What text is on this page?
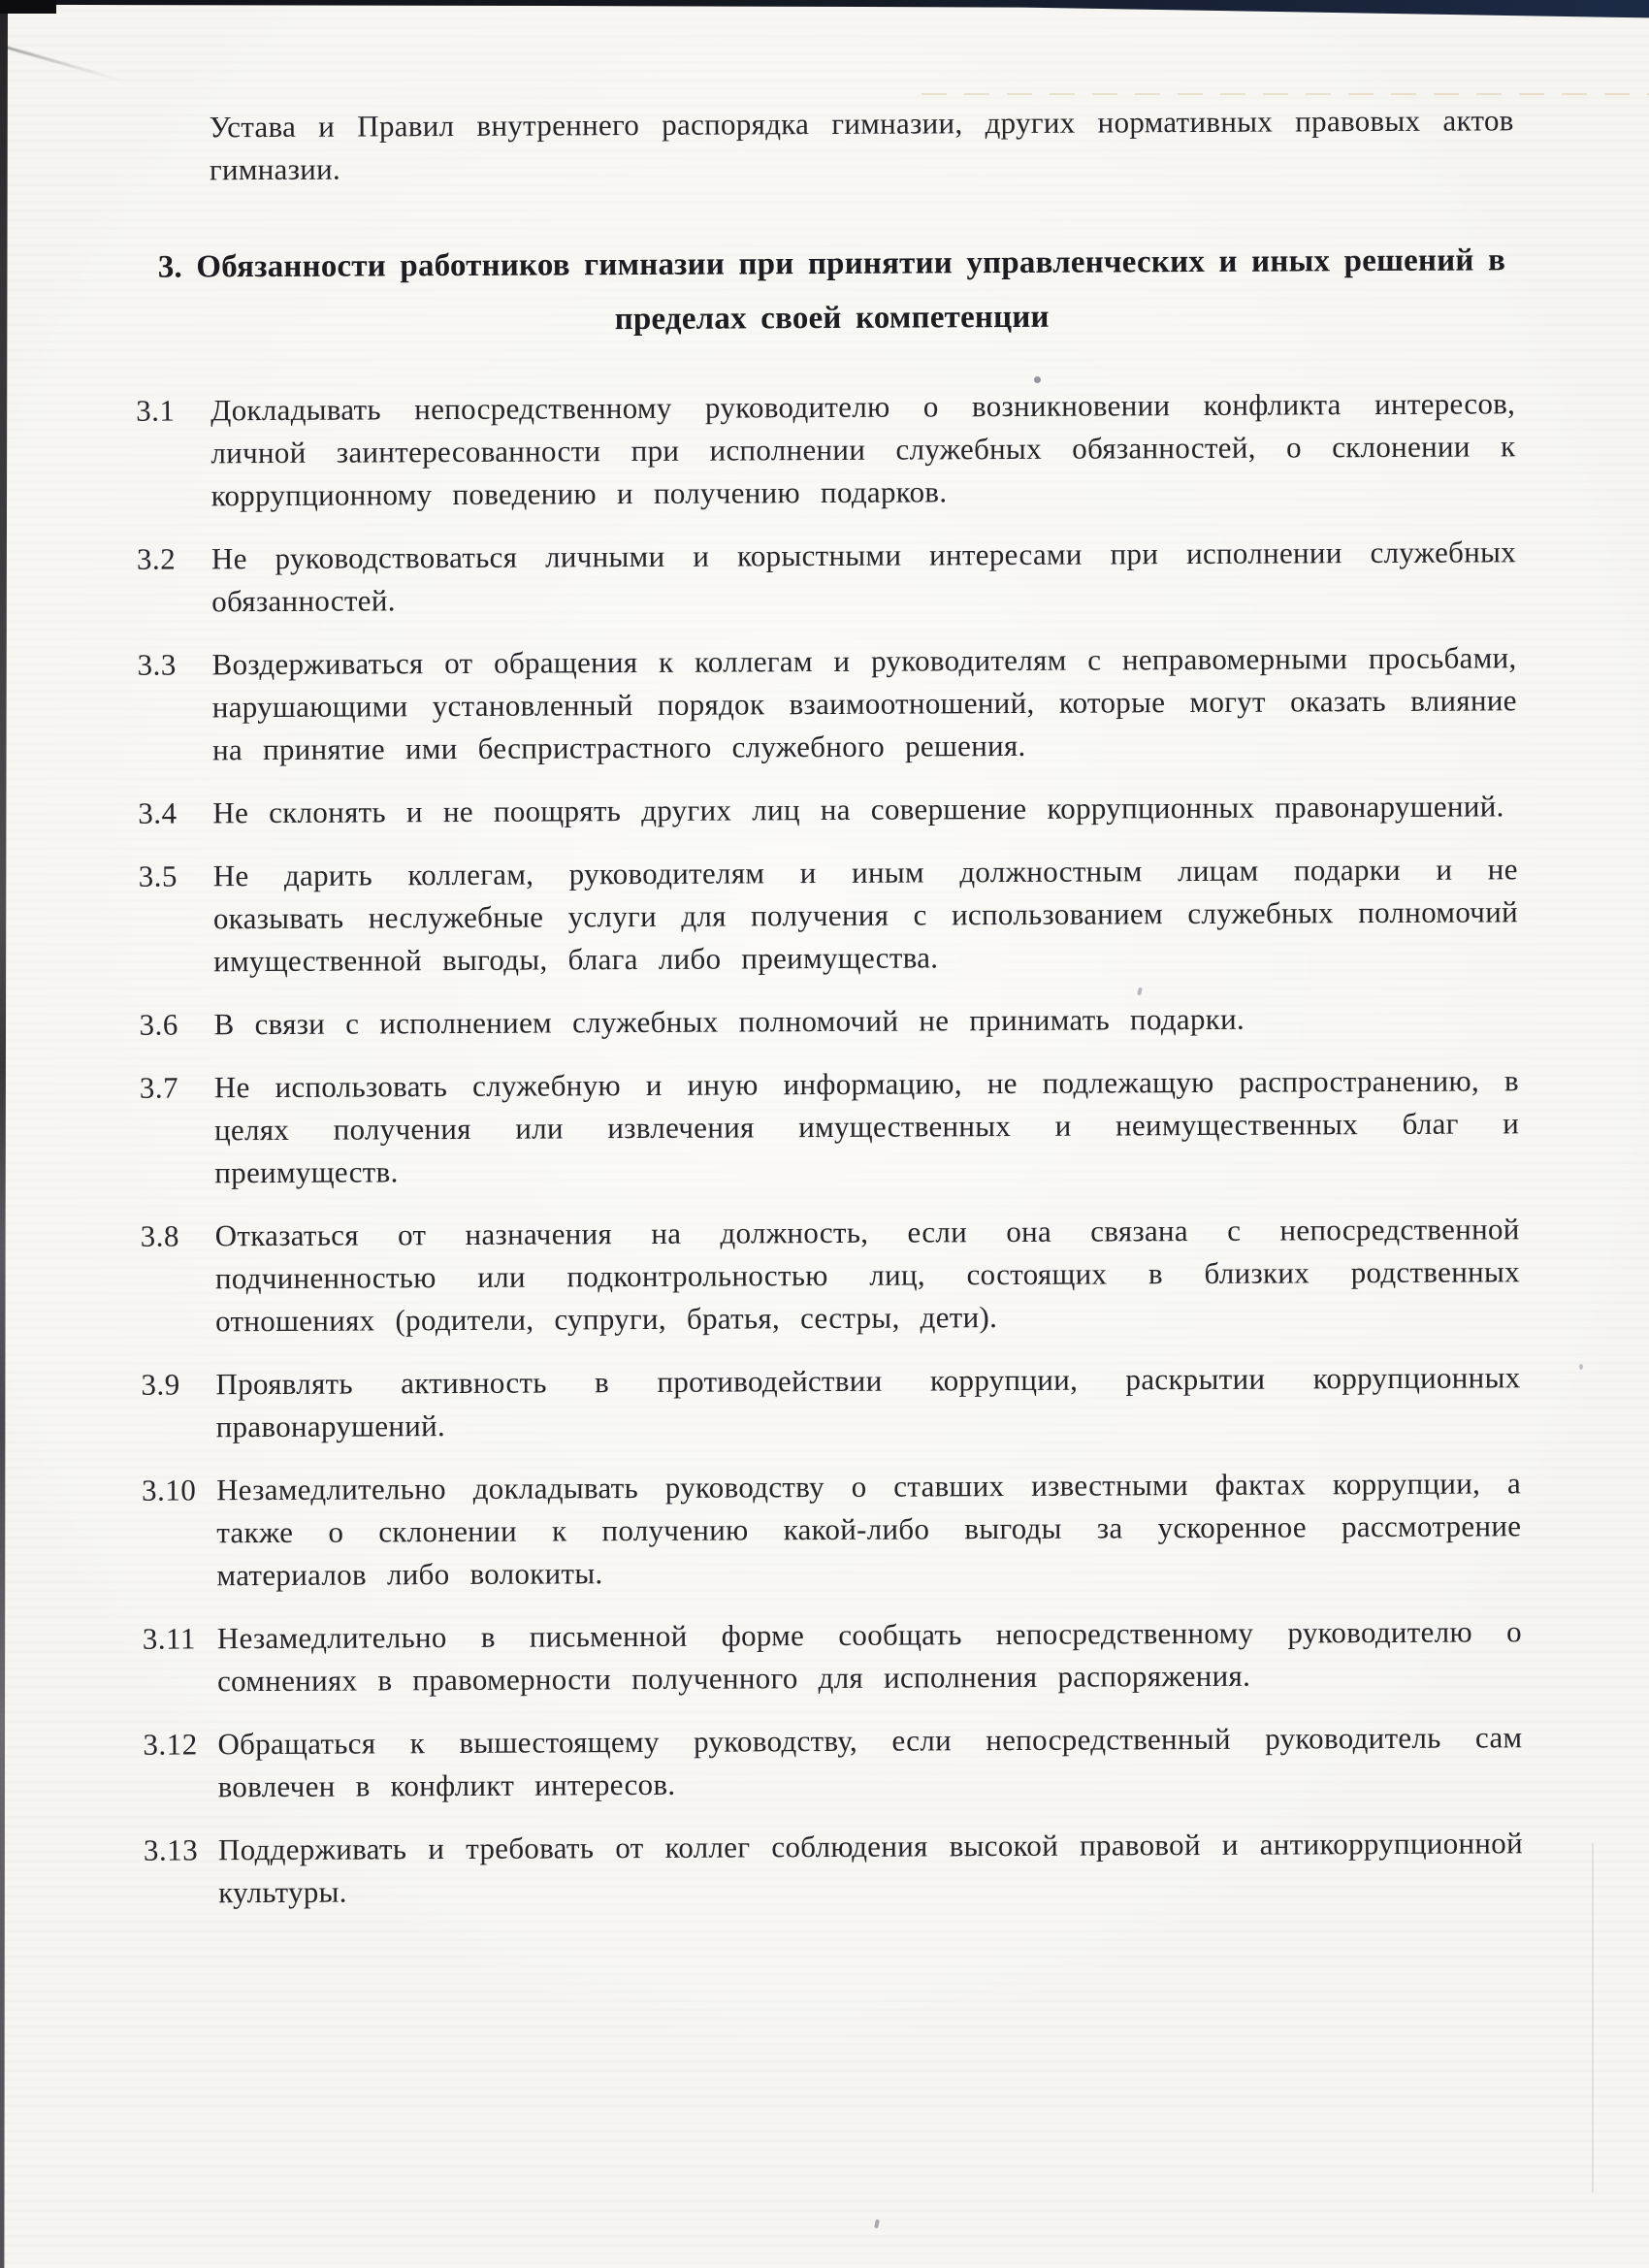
Устава и Правил внутреннего распорядка гимназии, других нормативных правовых актов гимназии.

3. Обязанности работников гимназии при принятии управленческих и иных решений в пределах своей компетенции
3.1 Докладывать непосредственному руководителю о возникновении конфликта интересов, личной заинтересованности при исполнении служебных обязанностей, о склонении к коррупционному поведению и получению подарков.
3.2 Не руководствоваться личными и корыстными интересами при исполнении служебных обязанностей.
3.3 Воздерживаться от обращения к коллегам и руководителям с неправомерными просьбами, нарушающими установленный порядок взаимоотношений, которые могут оказать влияние на принятие ими беспристрастного служебного решения.
3.4 Не склонять и не поощрять других лиц на совершение коррупционных правонарушений.
3.5 Не дарить коллегам, руководителям и иным должностным лицам подарки и не оказывать неслужебные услуги для получения с использованием служебных полномочий имущественной выгоды, блага либо преимущества.
3.6 В связи с исполнением служебных полномочий не принимать подарки.
3.7 Не использовать служебную и иную информацию, не подлежащую распространению, в целях получения или извлечения имущественных и неимущественных благ и преимуществ.
3.8 Отказаться от назначения на должность, если она связана с непосредственной подчиненностью или подконтрольностью лиц, состоящих в близких родственных отношениях (родители, супруги, братья, сестры, дети).
3.9 Проявлять активность в противодействии коррупции, раскрытии коррупционных правонарушений.
3.10 Незамедлительно докладывать руководству о ставших известными фактах коррупции, а также о склонении к получению какой-либо выгоды за ускоренное рассмотрение материалов либо волокиты.
3.11 Незамедлительно в письменной форме сообщать непосредственному руководителю о сомнениях в правомерности полученного для исполнения распоряжения.
3.12 Обращаться к вышестоящему руководству, если непосредственный руководитель сам вовлечен в конфликт интересов.
3.13 Поддерживать и требовать от коллег соблюдения высокой правовой и антикоррупционной культуры.
